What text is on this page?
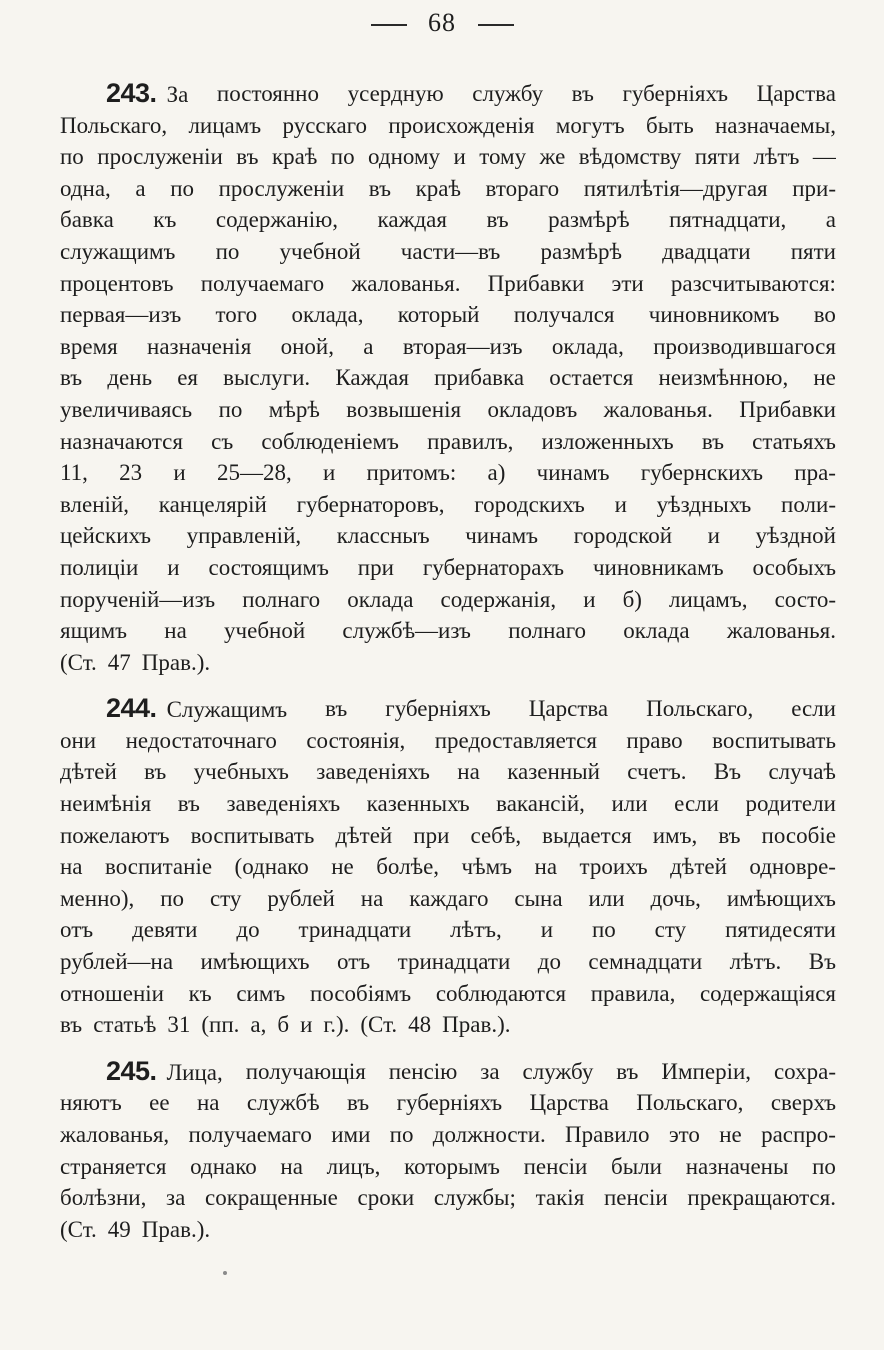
68
243. За постоянно усердную службу въ губерніяхъ Царства
Польскаго, лицамъ русскаго происхожденія могутъ быть назначаемы,
по прослуженіи въ краѣ по одному и тому же вѣдомству пяти лѣтъ —
одна, а по прослуженіи въ краѣ втораго пятилѣтія—другая при-
бавка къ содержанію, каждая въ размѣрѣ пятнадцати, а
служащимъ по учебной части—въ размѣрѣ двадцати пяти
процентовъ получаемаго жалованья. Прибавки эти разсчитываются:
первая—изъ того оклада, который получался чиновникомъ во
время назначенія оной, а вторая—изъ оклада, производившагося
въ день ея выслуги. Каждая прибавка остается неизмѣнною, не
увеличиваясь по мѣрѣ возвышенія окладовъ жалованья. Прибавки
назначаются съ соблюденіемъ правилъ, изложенныхъ въ статьяхъ
11, 23 и 25—28, и притомъ: а) чинамъ губернскихъ пра-
вленій, канцелярій губернаторовъ, городскихъ и уѣздныхъ поли-
цейскихъ управленій, классныъ чинамъ городской и уѣздной
полиціи и состоящимъ при губернаторахъ чиновникамъ особыхъ
порученій—изъ полнаго оклада содержанія, и б) лицамъ, состо-
ящимъ на учебной службѣ—изъ полнаго оклада жалованья.
(Ст. 47 Прав.).
244. Служащимъ въ губерніяхъ Царства Польскаго, если
они недостаточнаго состоянія, предоставляется право воспитывать
дѣтей въ учебныхъ заведеніяхъ на казенный счетъ. Въ случаѣ
неимѣнія въ заведеніяхъ казенныхъ вакансій, или если родители
пожелаютъ воспитывать дѣтей при себѣ, выдается имъ, въ пособіе
на воспитаніе (однако не болѣе, чѣмъ на троихъ дѣтей одновре-
менно), по сту рублей на каждаго сына или дочь, имѣющихъ
отъ девяти до тринадцати лѣтъ, и по сту пятидесяти
рублей—на имѣющихъ отъ тринадцати до семнадцати лѣтъ. Въ
отношеніи къ симъ пособіямъ соблюдаются правила, содержащіяся
въ статьѣ 31 (пп. а, б и г.). (Ст. 48 Прав.).
245. Лица, получающія пенсію за службу въ Имперіи, сохра-
няютъ ее на службѣ въ губерніяхъ Царства Польскаго, сверхъ
жалованья, получаемаго ими по должности. Правило это не распро-
страняется однако на лицъ, которымъ пенсіи были назначены по
болѣзни, за сокращенные сроки службы; такія пенсіи прекращаются.
(Ст. 49 Прав.).
